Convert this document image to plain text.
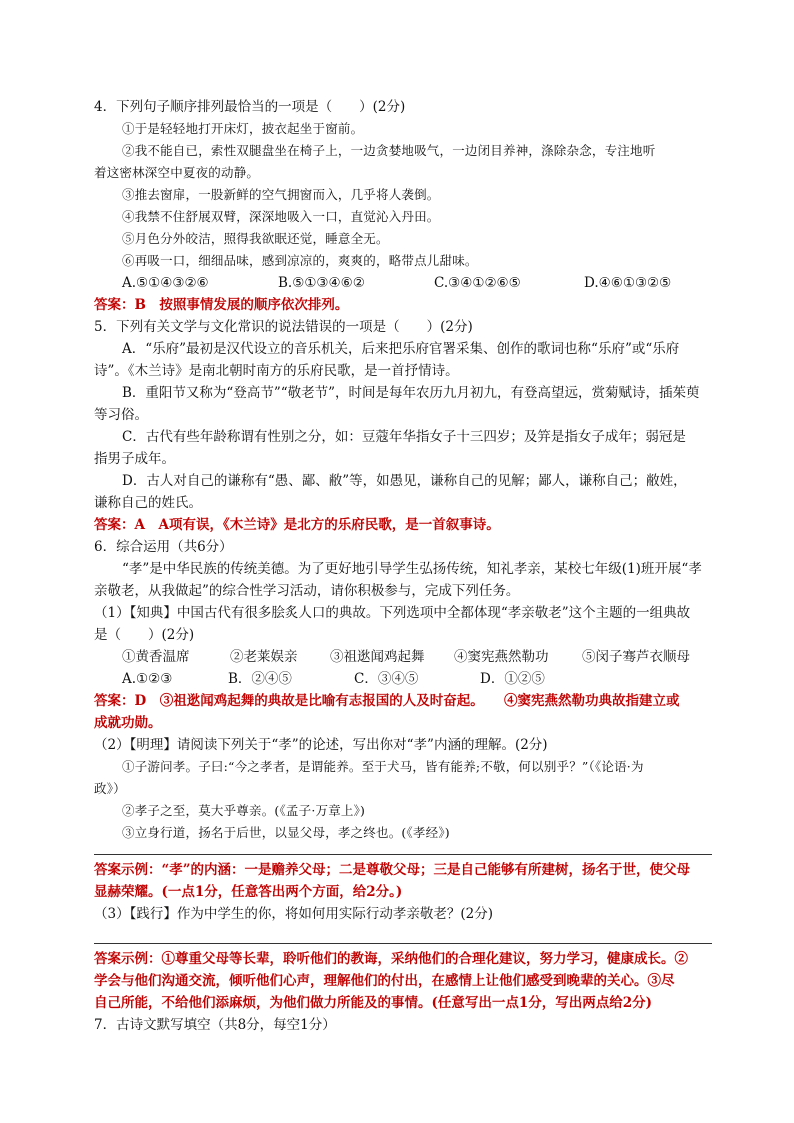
4．下列句子顺序排列最恰当的一项是（　　）(2分)
①于是轻轻地打开床灯，披衣起坐于窗前。
②我不能自已，索性双腿盘坐在椅子上，一边贪婪地吸气，一边闭目养神，涤除杂念，专注地听
着这密林深空中夏夜的动静。
③推去窗扉，一股新鲜的空气拥窗而入，几乎将人袭倒。
④我禁不住舒展双臂，深深地吸入一口，直觉沁入丹田。
⑤月色分外皎洁，照得我欲眠还觉，睡意全无。
⑥再吸一口，细细品味，感到凉凉的，爽爽的，略带点儿甜味。
A.⑤①④③②⑥	B.⑤①③④⑥②	C.③④①②⑥⑤	D.④⑥①③②⑤
答案：B　按照事情发展的顺序依次排列。
5．下列有关文学与文化常识的说法错误的一项是（　　）(2分)
A．“乐府”最初是汉代设立的音乐机关，后来把乐府官署采集、创作的歌词也称“乐府”或“乐府
诗”。《木兰诗》是南北朝时南方的乐府民歌，是一首抒情诗。
B．重阳节又称为“登高节”“敬老节”，时间是每年农历九月初九，有登高望远，赏菊赋诗，插茱萸
等习俗。
C．古代有些年龄称谓有性别之分，如：豆蔻年华指女子十三四岁；及笄是指女子成年；弱冠是
指男子成年。
D．古人对自己的谦称有“愚、鄙、敝”等，如愚见，谦称自己的见解；鄙人，谦称自己；敝姓，
谦称自己的姓氏。
答案：A　A项有误，《木兰诗》是北方的乐府民歌，是一首叙事诗。
6．综合运用（共6分）
“孝”是中华民族的传统美德。为了更好地引导学生弘扬传统，知礼孝亲，某校七年级(1)班开展“孝
亲敬老，从我做起”的综合性学习活动，请你积极参与，完成下列任务。
（1）【知典】中国古代有很多脍炙人口的典故。下列选项中全都体现“孝亲敬老”这个主题的一组典故
是（　　）(2分)
①黄香温席	②老莱娱亲	③祖逖闻鸡起舞	④窦宪燕然勒功	⑤闵子骞芦衣顺母
A.①②③	B．②④⑤	C．③④⑤	D．①②⑤
答案：D　③祖逖闻鸡起舞的典故是比喻有志报国的人及时奋起。　　④窦宪燕然勒功典故指建立或
成就功勋。
（2）【明理】请阅读下列关于“孝”的论述，写出你对“孝”内涵的理解。(2分)
①子游问孝。子曰:“今之孝者，是谓能养。至于犬马，皆有能养;不敬，何以别乎？”（《论语·为
政》）
②孝子之至，莫大乎尊亲。(《孟子·万章上》)
③立身行道，扬名于后世，以显父母，孝之终也。(《孝经》)
答案示例：“孝”的内涵：一是赡养父母；二是尊敬父母；三是自己能够有所建树，扬名于世，使父母
显赫荣耀。(一点1分，任意答出两个方面，给2分。)
（3）【践行】作为中学生的你，将如何用实际行动孝亲敬老？(2分)
答案示例：①尊重父母等长辈，聆听他们的教诲，采纳他们的合理化建议，努力学习，健康成长。②
学会与他们沟通交流，倾听他们心声，理解他们的付出，在感情上让他们感受到晚辈的关心。③尽
自己所能，不给他们添麻烦，为他们做力所能及的事情。(任意写出一点1分，写出两点给2分)
7．古诗文默写填空（共8分，每空1分）
